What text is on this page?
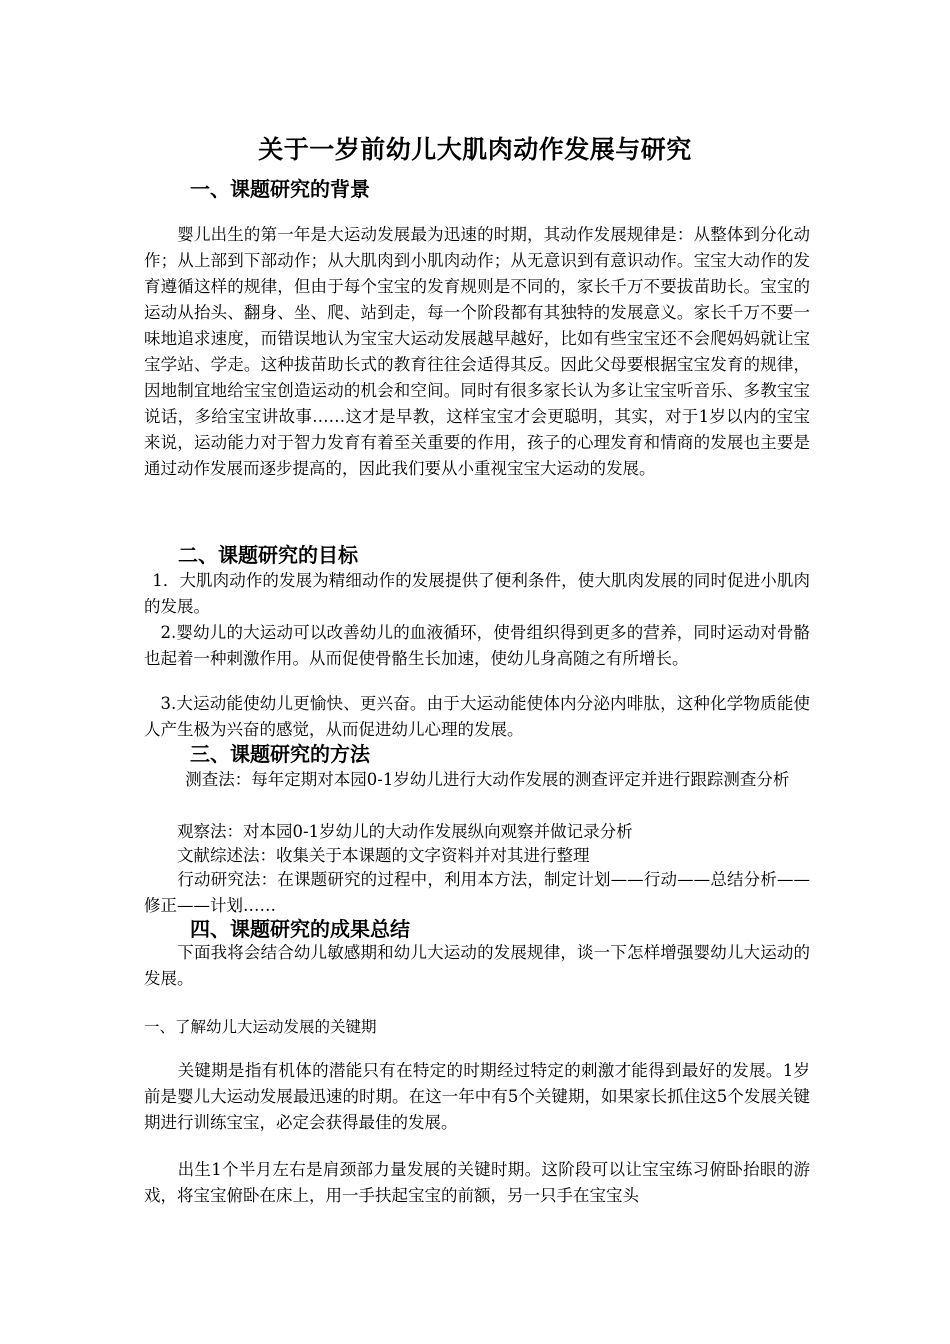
关于一岁前幼儿大肌肉动作发展与研究
一、课题研究的背景
　　婴儿出生的第一年是大运动发展最为迅速的时期，其动作发展规律是：从整体到分化动作；从上部到下部动作；从大肌肉到小肌肉动作；从无意识到有意识动作。宝宝大动作的发育遵循这样的规律，但由于每个宝宝的发育规则是不同的，家长千万不要拔苗助长。宝宝的运动从抬头、翻身、坐、爬、站到走，每一个阶段都有其独特的发展意义。家长千万不要一味地追求速度，而错误地认为宝宝大运动发展越早越好，比如有些宝宝还不会爬妈妈就让宝宝学站、学走。这种拔苗助长式的教育往往会适得其反。因此父母要根据宝宝发育的规律，因地制宜地给宝宝创造运动的机会和空间。同时有很多家长认为多让宝宝听音乐、多教宝宝说话，多给宝宝讲故事……这才是早教，这样宝宝才会更聪明，其实，对于1岁以内的宝宝来说，运动能力对于智力发育有着至关重要的作用，孩子的心理发育和情商的发展也主要是通过动作发展而逐步提高的，因此我们要从小重视宝宝大运动的发展。
二、课题研究的目标
 1．大肌肉动作的发展为精细动作的发展提供了便利条件，使大肌肉发展的同时促进小肌肉的发展。
  2.婴幼儿的大运动可以改善幼儿的血液循环，使骨组织得到更多的营养，同时运动对骨骼也起着一种刺激作用。从而促使骨骼生长加速，使幼儿身高随之有所增长。
  3.大运动能使幼儿更愉快、更兴奋。由于大运动能使体内分泌内啡肽，这种化学物质能使人产生极为兴奋的感觉，从而促进幼儿心理的发展。
三、课题研究的方法
　　 测查法：每年定期对本园0-1岁幼儿进行大动作发展的测查评定并进行跟踪测查分析
　　观察法：对本园0-1岁幼儿的大动作发展纵向观察并做记录分析
　　文献综述法：收集关于本课题的文字资料并对其进行整理
　　行动研究法：在课题研究的过程中，利用本方法，制定计划——行动——总结分析——修正——计划……
四、课题研究的成果总结
　　下面我将会结合幼儿敏感期和幼儿大运动的发展规律，谈一下怎样增强婴幼儿大运动的发展。
一、了解幼儿大运动发展的关键期
　　关键期是指有机体的潜能只有在特定的时期经过特定的刺激才能得到最好的发展。1岁前是婴儿大运动发展最迅速的时期。在这一年中有5个关键期，如果家长抓住这5个发展关键期进行训练宝宝，必定会获得最佳的发展。
　　出生1个半月左右是肩颈部力量发展的关键时期。这阶段可以让宝宝练习俯卧抬眼的游戏，将宝宝俯卧在床上，用一手扶起宝宝的前额，另一只手在宝宝头
